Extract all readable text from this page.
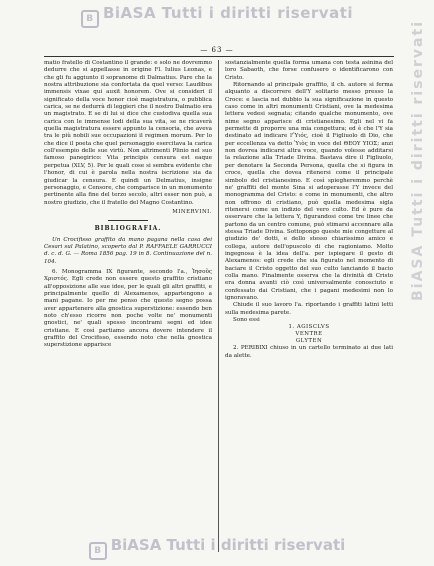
B BiASA Tutti i diritti riservati
BiASA Tutti i diritti riservati
— 63 —

matio fratello di Costantino il grande: e solo ne dovremmo dedurre che si appellasse in origine Fl. Iulius Leonas, e che gli fu aggiunto il sopranome di Dalmatius. Pare che la nostra attribuzione sia confortata da quel verso: Laudibus immensis vixae qui auxit honorem. Ove si consideri il significato della voce honor cioè magistratura, o pubblica carica, se ne dedurrà di leggieri che il nostro Dalmatio era un magistrato. E se di lui si dice che custodiva quella sua carica con le immense lodi della sua vita, se ne ricaverà quella magistratura essere appunto la censoria, che aveva tra le più nobili sue occupazioni il regimen morum. Per lo che dice il poeta che quel personaggio esercitava la carica coll'esempio delle sue virtù. Non altrimenti Plinio nel suo famoso panegirico: Vita principis censura est eaque perpetua (XLV, 5). Per le quali cose si sembra evidente che l'honor, di cui è parola nella nostra iscrizione sia da giudicar la censura. E quindi un Delmatius, insigne personaggio, e Censore, che comparisce in un monumento pertinente alla fine del terzo secolo, altri esser non può, a nostro giudizio, che il fratello del Magno Costantino.

MINERVINI.
BIBLIOGRAFIA.

Un Crocifisso graffito da mano pagana nella casa dei Cesari sul Palatino, scoperto dal P. RAFFAELE GARRUCCI d. c. d. G. — Roma 1856 pag. 19 in 8. Continuazione del n. 104.

6. Monogramma IX figurante, secondo l'a., Ἰησοῦς Χριστός. Egli crede non essere questo graffito cristiano all'opposizione alle sue idee, per le quali gli altri graffiti, e principalmente quello di Alexamenos, appartengono a mani pagane. Io per me penso che questo segno possa aver appartenere alla gnostica superstizione: essendo ben noto ch'esso ricorre non poche volte ne' monumenti gnostici, ne' quali spesso incontrami segni ed idee cristiane. E così partiamo ancora dovere intendere il graffito del Crocifisso, essendo noto che nella gnostica superstizione apparisce

sostanzialmente quella forma umana con testa asinina del loro Sabaoth, che forse confusero o identificarono con Cristo.

Ritornando al principale graffito, il ch. autore si ferma alquanto a discorrere dell'Y solitario messo presso la Croce: e lascia nel dubbio la sua significazione in questo caso come in altri monumenti Cristiani, ove la medesima lettera vedesi segnata; citando qualche monumento, ove nime segno apparisce di cristianesimo. Egli nel vi fa permette di proporre una mia congettura; ed è che l'Y sia destinato ad indicare l'Ὑιός, cioè il Figliuolo di Dio, che per eccellenza va detto Ὑιὸς in voce del ΘΕΟΥ ΥΙΟΣ; anzi non dovrea indicarsi altra voce, quando volesse additarsi la relazione alla Triade Divina. Bastava dire il Figliuolo, per denotare la Seconda Persona, quella che si figura in croce, quella che dovea ritenersi come il principale simbolo del cristianesimo. E così spiegheremmo perchè ne' graffiti del monte Sina si adoperasse l'Y invece del monogramma del Cristo: e come in monumenti, che altro non offrono di cristiano, può quella medesima sigla ritenersi come un indizio del vero culto. Ed è pure da osservare che la lettera Y, figurandosi come tre linee che partono da un centro comune, può stimarsi accennare alla stessa Triade Divina. Sottopongo queste mie congetture al giudizio de' dotti, e dello stesso chiarissimo amico e collega, autore dell'opuscolo di che ragioniamo. Molto ingegnosa è la idea dell'a. per ispiegare il gesto di Alexamenos: egli crede che sia figurato nel momento di baciare il Cristo oggetto del suo culto lanciando il bacio colla mano. Finalmente osserva che la divinità di Cristo era donna avanti ciò così universalmente conosciuto e confessato dai Cristiani, che i pagani medesimi non lo ignoravano.

Chiude il suo lavoro l'a. riportando i graffiti latini letti sulla medesima parete.

Sono essi

1. AGISCLVS

VENTRE

GLYTEN

2. PERIBIXI chiuso in un cartello terminato ai due lati da alette.

B BiASA Tutti i diritti riservati
